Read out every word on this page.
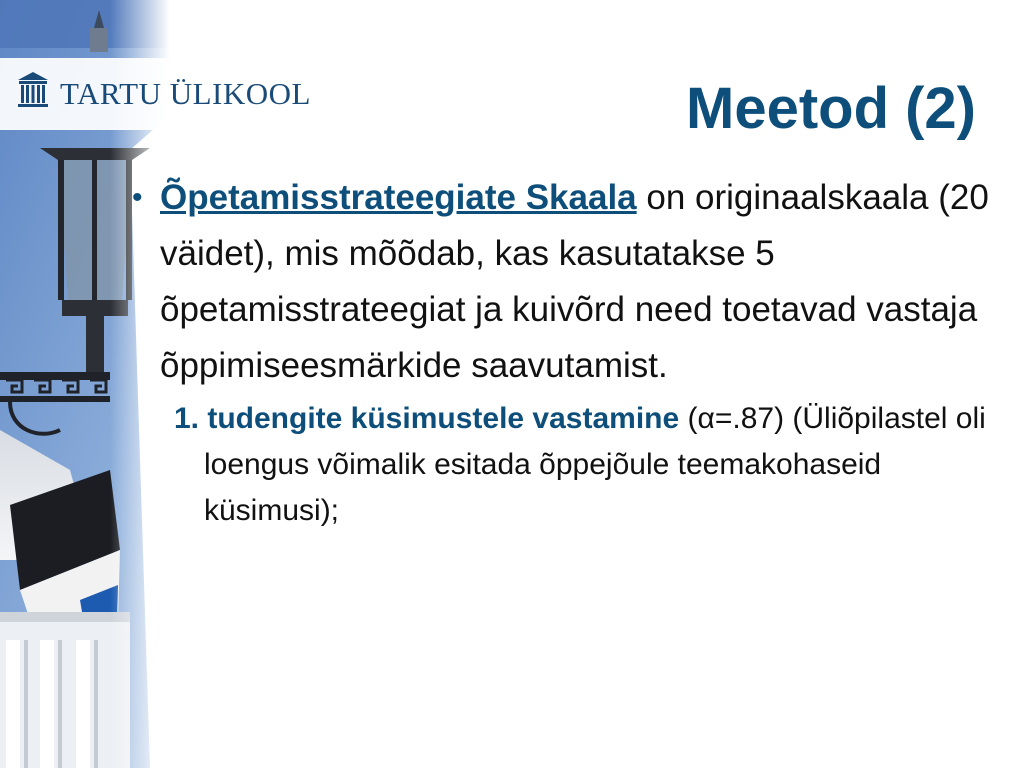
TARTU ÜLIKOOL	Meetod (2)
• Õpetamisstrateegiate Skaala on originaalskaala (20 väidet), mis mõõdab, kas kasutatakse 5 õpetamisstrateegiat ja kuivõrd need toetavad vastaja õppimiseesmärkide saavutamist.
1. tudengite küsimustele vastamine (α=.87) (Üliõpilastel oli loengus võimalik esitada õppejõule teemakohaseid küsimusi);
